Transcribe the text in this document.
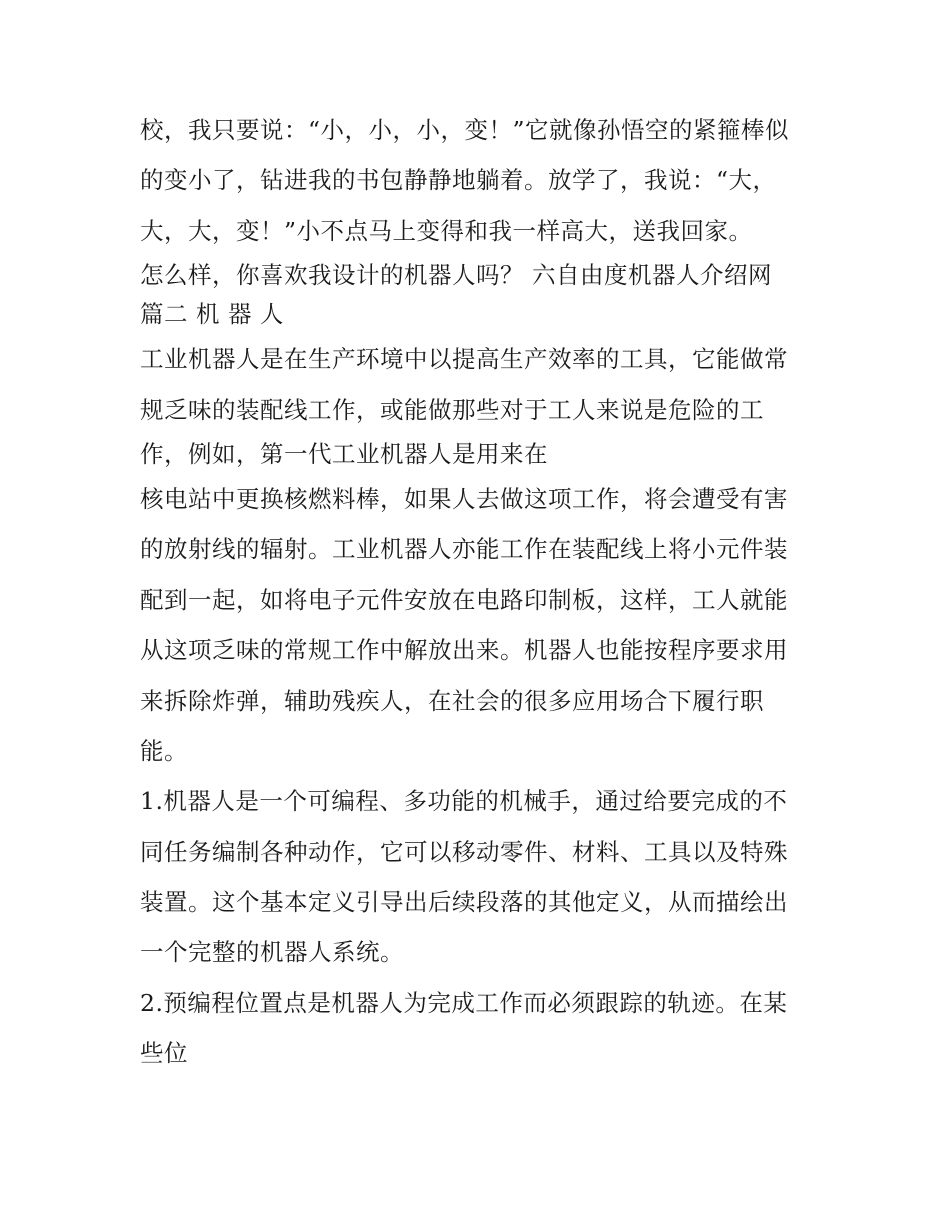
校，我只要说：“小，小，小，变！”它就像孙悟空的紧箍棒似
的变小了，钻进我的书包静静地躺着。放学了，我说：“大，
大，大，变！”小不点马上变得和我一样高大，送我回家。
怎么样，你喜欢我设计的机器人吗？ 六自由度机器人介绍网
篇二 机 器 人
工业机器人是在生产环境中以提高生产效率的工具，它能做常
规乏味的装配线工作，或能做那些对于工人来说是危险的工
作，例如，第一代工业机器人是用来在
核电站中更换核燃料棒，如果人去做这项工作，将会遭受有害
的放射线的辐射。工业机器人亦能工作在装配线上将小元件装
配到一起，如将电子元件安放在电路印制板，这样，工人就能
从这项乏味的常规工作中解放出来。机器人也能按程序要求用
来拆除炸弹，辅助残疾人，在社会的很多应用场合下履行职
能。
1.机器人是一个可编程、多功能的机械手，通过给要完成的不
同任务编制各种动作，它可以移动零件、材料、工具以及特殊
装置。这个基本定义引导出后续段落的其他定义，从而描绘出
一个完整的机器人系统。
2.预编程位置点是机器人为完成工作而必须跟踪的轨迹。在某
些位
